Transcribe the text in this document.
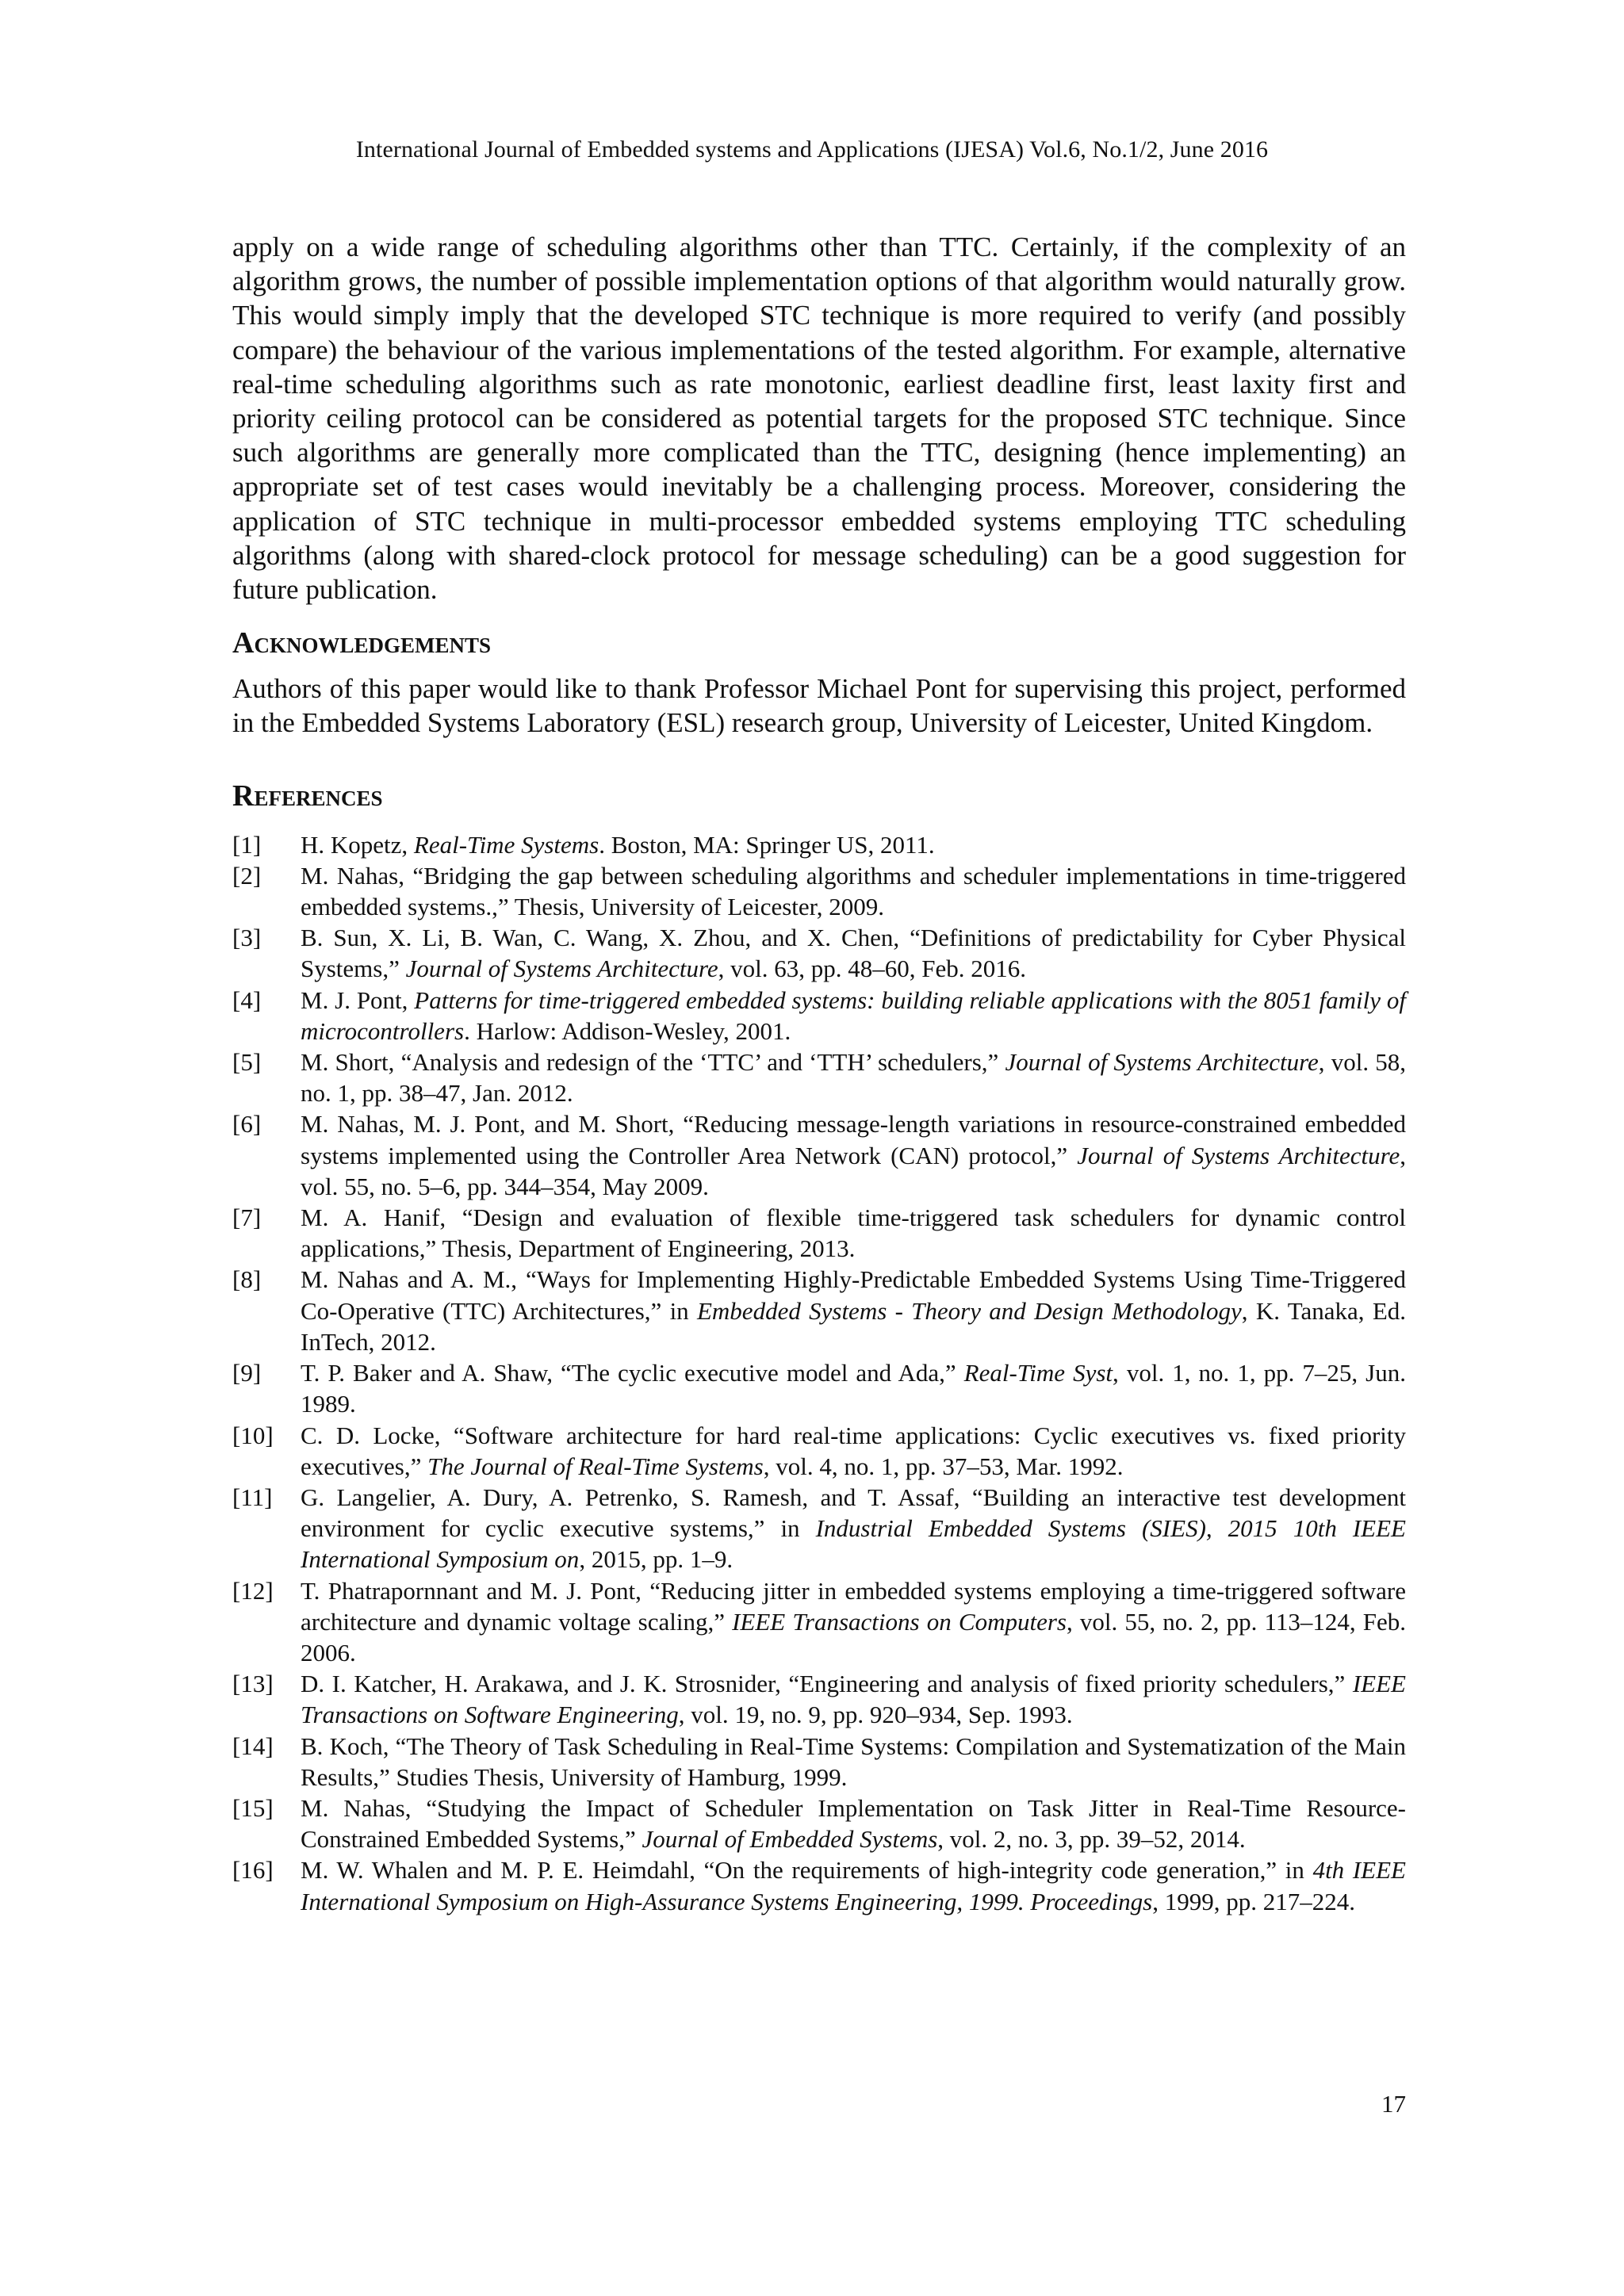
International Journal of Embedded systems and Applications (IJESA) Vol.6, No.1/2, June 2016

apply on a wide range of scheduling algorithms other than TTC. Certainly, if the complexity of an algorithm grows, the number of possible implementation options of that algorithm would naturally grow. This would simply imply that the developed STC technique is more required to verify (and possibly compare) the behaviour of the various implementations of the tested algorithm. For example, alternative real-time scheduling algorithms such as rate monotonic, earliest deadline first, least laxity first and priority ceiling protocol can be considered as potential targets for the proposed STC technique. Since such algorithms are generally more complicated than the TTC, designing (hence implementing) an appropriate set of test cases would inevitably be a challenging process. Moreover, considering the application of STC technique in multi-processor embedded systems employing TTC scheduling algorithms (along with shared-clock protocol for message scheduling) can be a good suggestion for future publication.

Acknowledgements

Authors of this paper would like to thank Professor Michael Pont for supervising this project, performed in the Embedded Systems Laboratory (ESL) research group, University of Leicester, United Kingdom.

References
[1]	H. Kopetz, Real-Time Systems. Boston, MA: Springer US, 2011.
[2]	M. Nahas, “Bridging the gap between scheduling algorithms and scheduler implementations in time-triggered embedded systems.,” Thesis, University of Leicester, 2009.
[3]	B. Sun, X. Li, B. Wan, C. Wang, X. Zhou, and X. Chen, “Definitions of predictability for Cyber Physical Systems,” Journal of Systems Architecture, vol. 63, pp. 48–60, Feb. 2016.
[4]	M. J. Pont, Patterns for time-triggered embedded systems: building reliable applications with the 8051 family of microcontrollers. Harlow: Addison-Wesley, 2001.
[5]	M. Short, “Analysis and redesign of the ‘TTC’ and ‘TTH’ schedulers,” Journal of Systems Architecture, vol. 58, no. 1, pp. 38–47, Jan. 2012.
[6]	M. Nahas, M. J. Pont, and M. Short, “Reducing message-length variations in resource-constrained embedded systems implemented using the Controller Area Network (CAN) protocol,” Journal of Systems Architecture, vol. 55, no. 5–6, pp. 344–354, May 2009.
[7]	M. A. Hanif, “Design and evaluation of flexible time-triggered task schedulers for dynamic control applications,” Thesis, Department of Engineering, 2013.
[8]	M. Nahas and A. M., “Ways for Implementing Highly-Predictable Embedded Systems Using Time-Triggered Co-Operative (TTC) Architectures,” in Embedded Systems - Theory and Design Methodology, K. Tanaka, Ed. InTech, 2012.
[9]	T. P. Baker and A. Shaw, “The cyclic executive model and Ada,” Real-Time Syst, vol. 1, no. 1, pp. 7–25, Jun. 1989.
[10]	C. D. Locke, “Software architecture for hard real-time applications: Cyclic executives vs. fixed priority executives,” The Journal of Real-Time Systems, vol. 4, no. 1, pp. 37–53, Mar. 1992.
[11]	G. Langelier, A. Dury, A. Petrenko, S. Ramesh, and T. Assaf, “Building an interactive test development environment for cyclic executive systems,” in Industrial Embedded Systems (SIES), 2015 10th IEEE International Symposium on, 2015, pp. 1–9.
[12]	T. Phatrapornnant and M. J. Pont, “Reducing jitter in embedded systems employing a time-triggered software architecture and dynamic voltage scaling,” IEEE Transactions on Computers, vol. 55, no. 2, pp. 113–124, Feb. 2006.
[13]	D. I. Katcher, H. Arakawa, and J. K. Strosnider, “Engineering and analysis of fixed priority schedulers,” IEEE Transactions on Software Engineering, vol. 19, no. 9, pp. 920–934, Sep. 1993.
[14]	B. Koch, “The Theory of Task Scheduling in Real-Time Systems: Compilation and Systematization of the Main Results,” Studies Thesis, University of Hamburg, 1999.
[15]	M. Nahas, “Studying the Impact of Scheduler Implementation on Task Jitter in Real-Time Resource-Constrained Embedded Systems,” Journal of Embedded Systems, vol. 2, no. 3, pp. 39–52, 2014.
[16]	M. W. Whalen and M. P. E. Heimdahl, “On the requirements of high-integrity code generation,” in 4th IEEE International Symposium on High-Assurance Systems Engineering, 1999. Proceedings, 1999, pp. 217–224.
17
